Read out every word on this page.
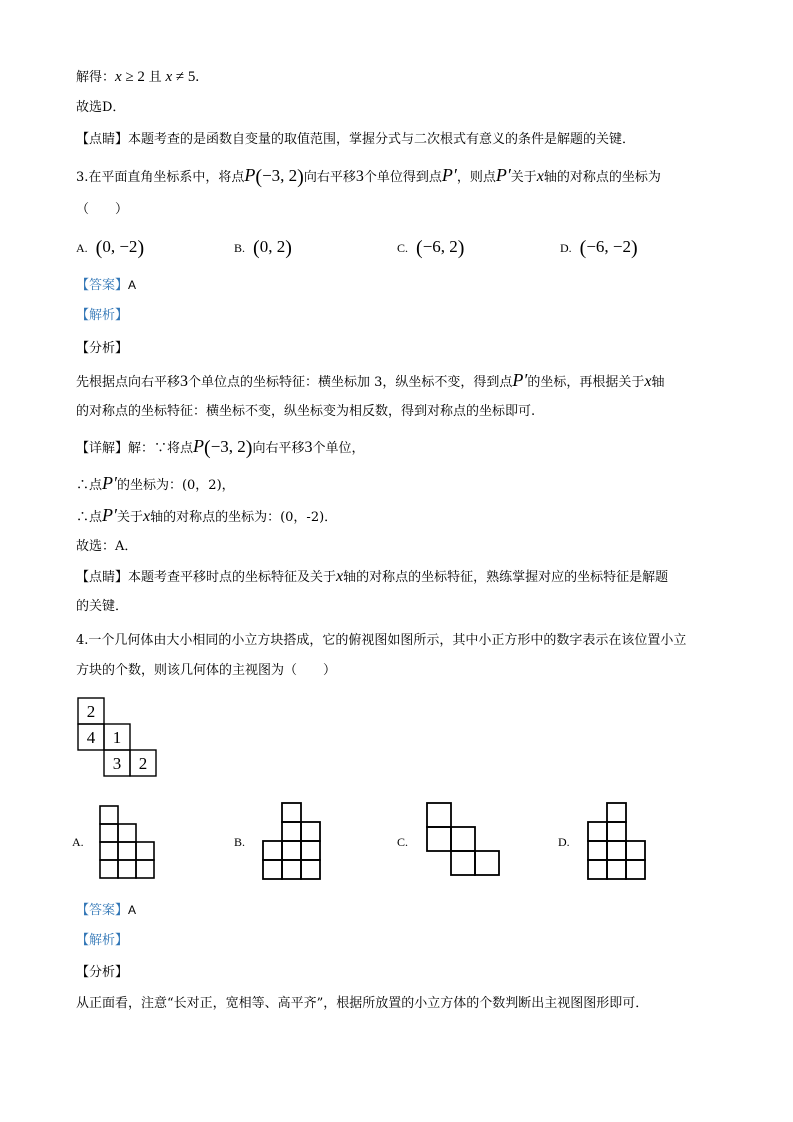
解得：x ≥ 2 且 x ≠ 5.
故选D．
【点睛】本题考查的是函数自变量的取值范围，掌握分式与二次根式有意义的条件是解题的关键．
3.在平面直角坐标系中，将点P(−3, 2)向右平移3个单位得到点P′，则点P′关于x轴的对称点的坐标为
（　　）
A. (0, −2)	B. (0, 2)	C. (−6, 2)	D. (−6, −2)
【答案】A
【解析】
【分析】
先根据点向右平移3个单位点的坐标特征：横坐标加 3，纵坐标不变，得到点P′的坐标，再根据关于x轴
的对称点的坐标特征：横坐标不变，纵坐标变为相反数，得到对称点的坐标即可.
【详解】解：∵将点P(−3, 2)向右平移3个单位，
∴点P′的坐标为：(0，2)，
∴点P′关于x轴的对称点的坐标为：(0，-2)．
故选：A．
【点睛】本题考查平移时点的坐标特征及关于x轴的对称点的坐标特征，熟练掌握对应的坐标特征是解题
的关键．
4.一个几何体由大小相同的小立方块搭成，它的俯视图如图所示，其中小正方形中的数字表示在该位置小立
方块的个数，则该几何体的主视图为（　　）
2
4 1
3 2
A.	B.	C.	D.
【答案】A
【解析】
【分析】
从正面看，注意“长对正，宽相等、高平齐”，根据所放置的小立方体的个数判断出主视图图形即可．
